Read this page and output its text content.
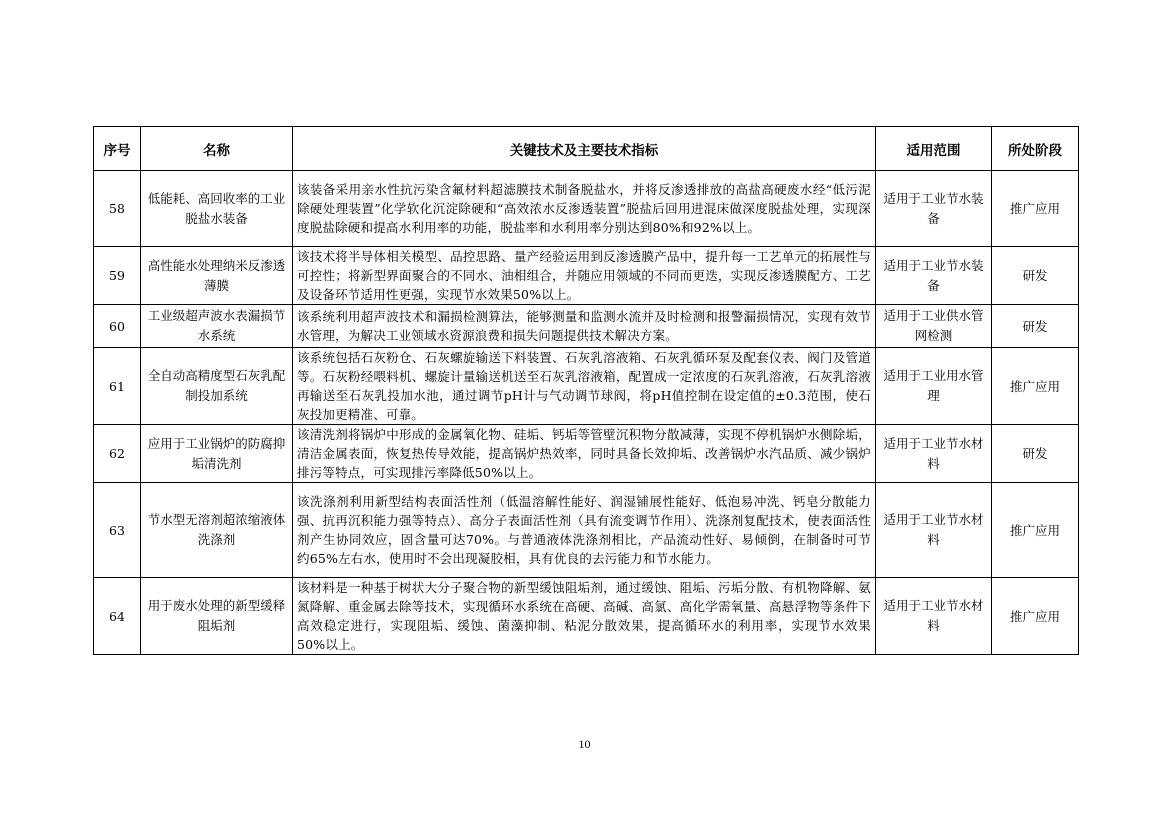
序号	名称	关键技术及主要技术指标	适用范围	所处阶段
58	低能耗、高回收率的工业脱盐水装备	该装备采用亲水性抗污染含氟材料超滤膜技术制备脱盐水，并将反渗透排放的高盐高硬废水经“低污泥除硬处理装置”化学软化沉淀除硬和“高效浓水反渗透装置”脱盐后回用进混床做深度脱盐处理，实现深度脱盐除硬和提高水利用率的功能，脱盐率和水利用率分别达到80%和92%以上。	适用于工业节水装备	推广应用
59	高性能水处理纳米反渗透薄膜	该技术将半导体相关模型、品控思路、量产经验运用到反渗透膜产品中，提升每一工艺单元的拓展性与可控性；将新型界面聚合的不同水、油相组合，并随应用领域的不同而更迭，实现反渗透膜配方、工艺及设备环节适用性更强，实现节水效果50%以上。	适用于工业节水装备	研发
60	工业级超声波水表漏损节水系统	该系统利用超声波技术和漏损检测算法，能够测量和监测水流并及时检测和报警漏损情况，实现有效节水管理，为解决工业领域水资源浪费和损失问题提供技术解决方案。	适用于工业供水管网检测	研发
61	全自动高精度型石灰乳配制投加系统	该系统包括石灰粉仓、石灰螺旋输送下料装置、石灰乳溶液箱、石灰乳循环泵及配套仪表、阀门及管道等。石灰粉经喂料机、螺旋计量输送机送至石灰乳溶液箱，配置成一定浓度的石灰乳溶液，石灰乳溶液再输送至石灰乳投加水池，通过调节pH计与气动调节球阀，将pH值控制在设定值的±0.3范围，使石灰投加更精准、可靠。	适用于工业用水管理	推广应用
62	应用于工业锅炉的防腐抑垢清洗剂	该清洗剂将锅炉中形成的金属氧化物、硅垢、钙垢等管壁沉积物分散减薄，实现不停机锅炉水侧除垢，清洁金属表面，恢复热传导效能，提高锅炉热效率，同时具备长效抑垢、改善锅炉水汽品质、减少锅炉排污等特点，可实现排污率降低50%以上。	适用于工业节水材料	研发
63	节水型无溶剂超浓缩液体洗涤剂	该洗涤剂利用新型结构表面活性剂（低温溶解性能好、润湿铺展性能好、低泡易冲洗、钙皂分散能力强、抗再沉积能力强等特点）、高分子表面活性剂（具有流变调节作用）、洗涤剂复配技术，使表面活性剂产生协同效应，固含量可达70%。与普通液体洗涤剂相比，产品流动性好、易倾倒，在制备时可节约65%左右水，使用时不会出现凝胶相，具有优良的去污能力和节水能力。	适用于工业节水材料	推广应用
64	用于废水处理的新型缓释阻垢剂	该材料是一种基于树状大分子聚合物的新型缓蚀阻垢剂，通过缓蚀、阻垢、污垢分散、有机物降解、氨氮降解、重金属去除等技术，实现循环水系统在高硬、高碱、高氯、高化学需氧量、高悬浮物等条件下高效稳定进行，实现阻垢、缓蚀、菌藻抑制、粘泥分散效果，提高循环水的利用率，实现节水效果50%以上。	适用于工业节水材料	推广应用
10
